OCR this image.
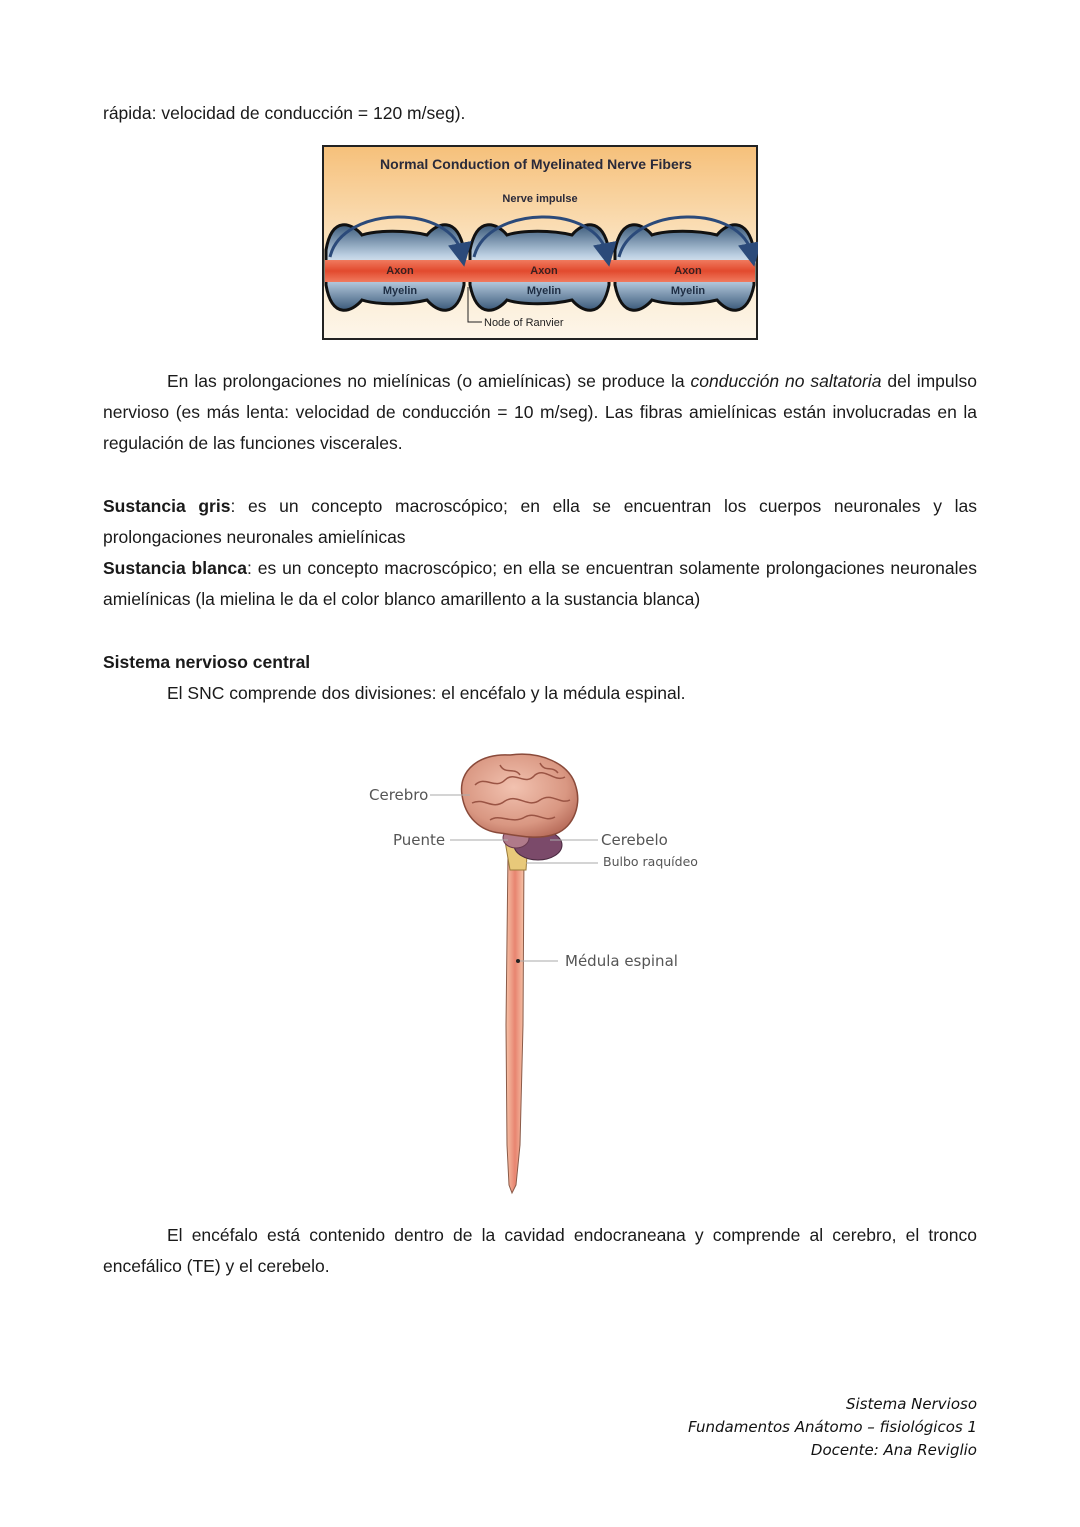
rápida: velocidad de conducción = 120 m/seg).

Normal Conduction of Myelinated Nerve Fibers
Nerve impulse
Axon	Axon	Axon
Myelin	Myelin	Myelin
Node of Ranvier

En las prolongaciones no mielínicas (o amielínicas) se produce la conducción no saltatoria del impulso nervioso (es más lenta: velocidad de conducción = 10 m/seg). Las fibras amielínicas están involucradas en la regulación de las funciones viscerales.

Sustancia gris: es un concepto macroscópico; en ella se encuentran los cuerpos neuronales y las prolongaciones neuronales amielínicas

Sustancia blanca: es un concepto macroscópico; en ella se encuentran solamente prolongaciones neuronales amielínicas (la mielina le da el color blanco amarillento a la sustancia blanca)

Sistema nervioso central

El SNC comprende dos divisiones: el encéfalo y la médula espinal.

Cerebro
Puente	Cerebelo
Bulbo raquídeo
Médula espinal

El encéfalo está contenido dentro de la cavidad endocraneana y comprende al cerebro, el tronco encefálico (TE) y el cerebelo.

Sistema Nervioso
Fundamentos Anátomo – fisiológicos 1
Docente: Ana Reviglio
